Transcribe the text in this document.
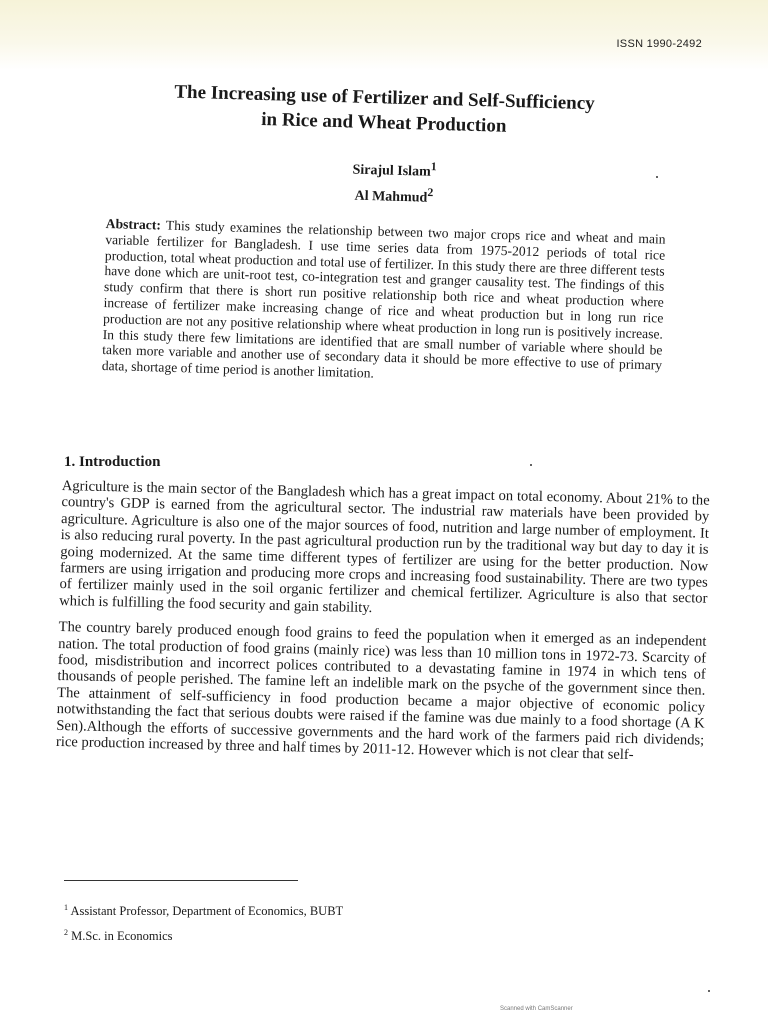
ISSN 1990-2492
The Increasing use of Fertilizer and Self-Sufficiency
in Rice and Wheat Production
Sirajul Islam$^1$
Al Mahmud$^2$
Abstract: This study examines the relationship between two major crops rice and wheat and main variable fertilizer for Bangladesh. I use time series data from 1975-2012 periods of total rice production, total wheat production and total use of fertilizer. In this study there are three different tests have done which are unit-root test, co-integration test and granger causality test. The findings of this study confirm that there is short run positive relationship both rice and wheat production where increase of fertilizer make increasing change of rice and wheat production but in long run rice production are not any positive relationship where wheat production in long run is positively increase. In this study there few limitations are identified that are small number of variable where should be taken more variable and another use of secondary data it should be more effective to use of primary data, shortage of time period is another limitation.
1. Introduction

Agriculture is the main sector of the Bangladesh which has a great impact on total economy. About 21% to the country's GDP is earned from the agricultural sector. The industrial raw materials have been provided by agriculture. Agriculture is also one of the major sources of food, nutrition and large number of employment. It is also reducing rural poverty. In the past agricultural production run by the traditional way but day to day it is going modernized. At the same time different types of fertilizer are using for the better production. Now farmers are using irrigation and producing more crops and increasing food sustainability. There are two types of fertilizer mainly used in the soil organic fertilizer and chemical fertilizer. Agriculture is also that sector which is fulfilling the food security and gain stability.

The country barely produced enough food grains to feed the population when it emerged as an independent nation. The total production of food grains (mainly rice) was less than 10 million tons in 1972-73. Scarcity of food, misdistribution and incorrect polices contributed to a devastating famine in 1974 in which tens of thousands of people perished. The famine left an indelible mark on the psyche of the government since then. The attainment of self-sufficiency in food production became a major objective of economic policy notwithstanding the fact that serious doubts were raised if the famine was due mainly to a food shortage (A K Sen).Although the efforts of successive governments and the hard work of the farmers paid rich dividends; rice production increased by three and half times by 2011-12. However which is not clear that self-

$^1$ Assistant Professor, Department of Economics, BUBT
$^2$ M.Sc. in Economics
Scanned with CamScanner
